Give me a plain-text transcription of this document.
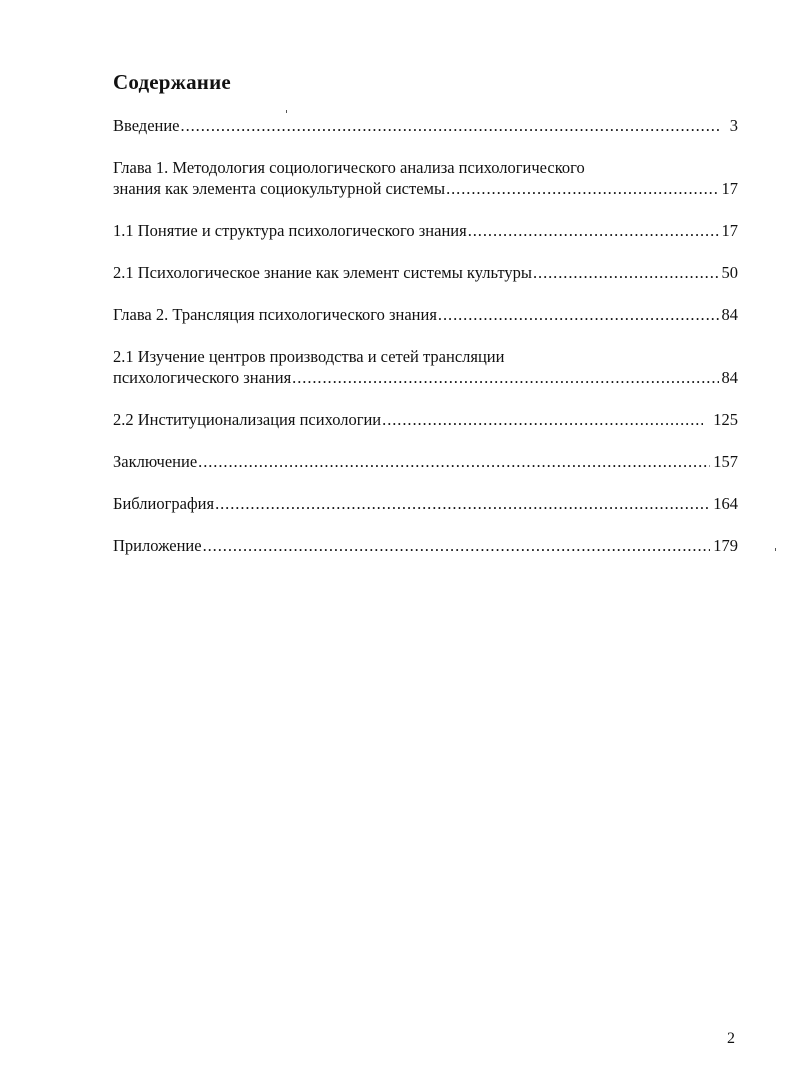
Содержание
Введение . . .	3
Глава 1. Методология социологического анализа психологического
знания как элемента социокультурной системы . . .	17
1.1 Понятие и структура психологического знания . . .	17
2.1 Психологическое знание как элемент системы культуры . . .	50
Глава 2. Трансляция психологического знания . . .	84
2.1 Изучение центров производства и сетей трансляции
психологического знания . . .	84
2.2 Институционализация психологии . . .	125
Заключение . . .	157
Библиография . . .	164
Приложение . . .	179
2
